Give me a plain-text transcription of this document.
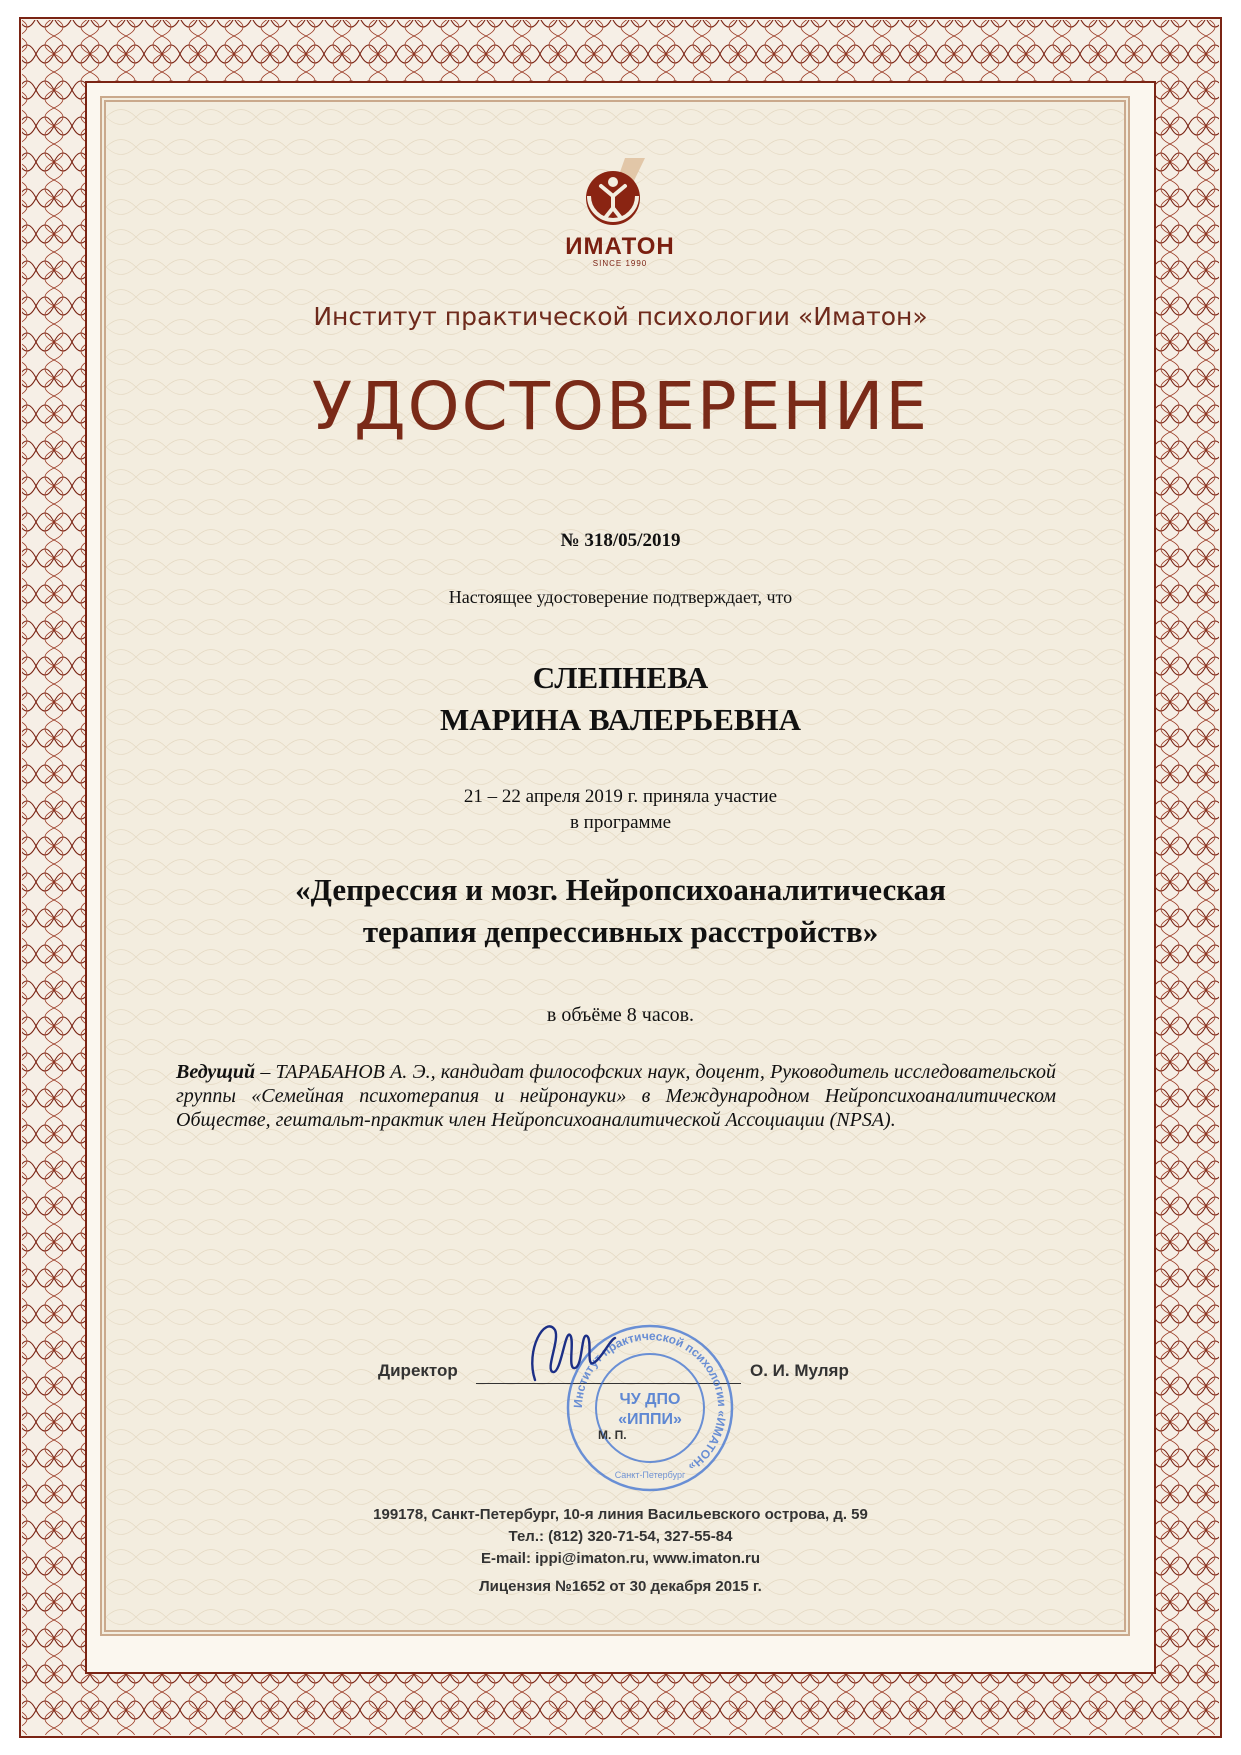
ИМАТОН
SINCE 1990
Институт практической психологии «Иматон»
УДОСТОВЕРЕНИЕ
№ 318/05/2019
Настоящее удостоверение подтверждает, что
СЛЕПНЕВА
МАРИНА ВАЛЕРЬЕВНА
21 – 22 апреля 2019 г. приняла участие
в программе
«Депрессия и мозг. Нейропсихоаналитическая
терапия депрессивных расстройств»
в объёме 8 часов.
Ведущий – ТАРАБАНОВ А. Э., кандидат философских наук, доцент, Руководитель исследовательской группы «Семейная психотерапия и нейронауки» в Международном Нейропсихоаналитическом Обществе, гештальт-практик член Нейропсихоаналитической Ассоциации (NPSA).
Директор	О. И. Муляр
Институт практической психологии «ИМАТОН»
ЧУ ДПО
«ИППИ»
Санкт-Петербург
М. П.
199178, Санкт-Петербург, 10-я линия Васильевского острова, д. 59
Тел.: (812) 320-71-54, 327-55-84
E-mail: ippi@imaton.ru, www.imaton.ru
Лицензия №1652 от 30 декабря 2015 г.
